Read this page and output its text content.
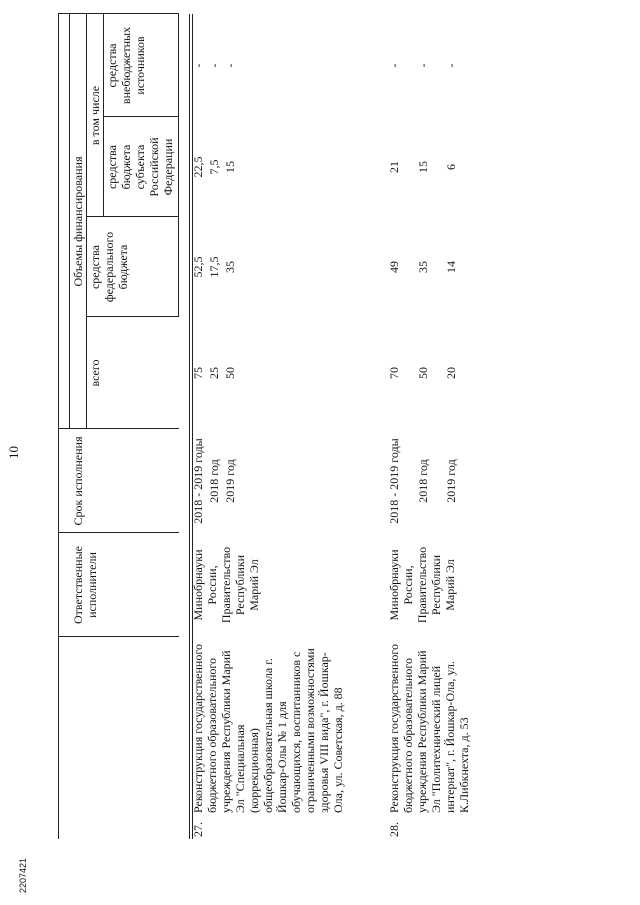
10
2207421

		Ответственные исполнители	Срок исполнения	Объемы финансирования			
				всего	средства федерального бюджета	в том числе	
						средства бюджета субъекта Российской Федерации	средства внебюджетных источников

27.	Реконструкция государственного бюджетного образовательного учреждения Республики Марий Эл "Специальная (коррекционная) общеобразовательная школа г. Йошкар-Олы № 1 для обучающихся, воспитанников с ограниченными возможностями здоровья VIII вида", г. Йошкар-Ола, ул. Советская, д. 88	Минобрнауки России, Правительство Республики Марий Эл	2018 - 2019 годы	75	52,5	22,5	-
			2018 год	25	17,5	7,5	-
			2019 год	50	35	15	-

28.	Реконструкция государственного бюджетного образовательного учреждения Республики Марий Эл "Политехнический лицей интернат", г. Йошкар-Ола, ул. К.Либкнехта, д. 53	Минобрнауки России, Правительство Республики Марий Эл	2018 - 2019 годы	70	49	21	-
			2018 год	50	35	15	-
			2019 год	20	14	6	-
